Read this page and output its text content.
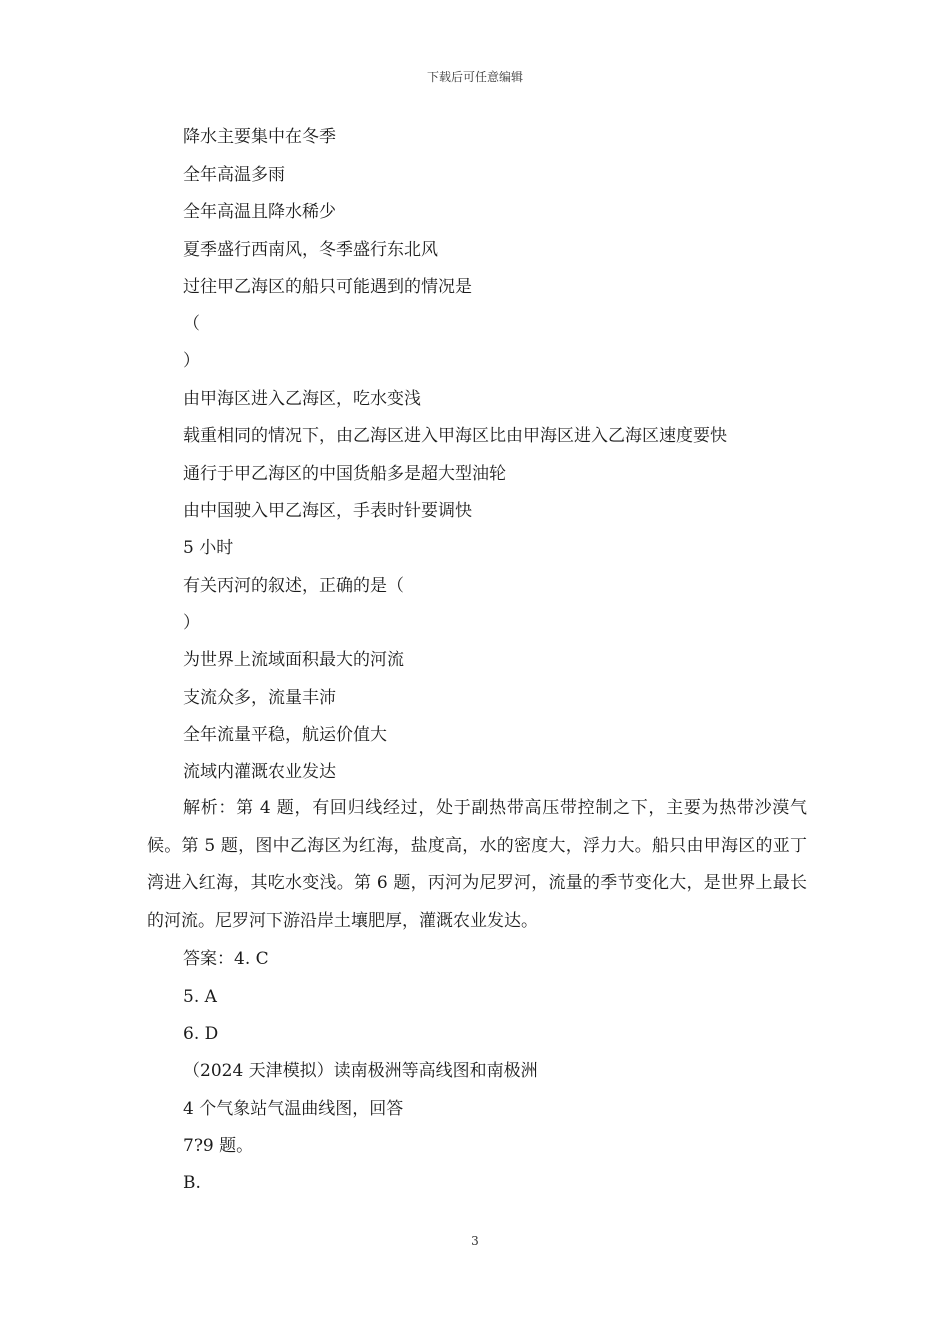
下载后可任意编辑
降水主要集中在冬季
全年高温多雨
全年高温且降水稀少
夏季盛行西南风，冬季盛行东北风
过往甲乙海区的船只可能遇到的情况是
（
）
由甲海区进入乙海区，吃水变浅
载重相同的情况下，由乙海区进入甲海区比由甲海区进入乙海区速度要快
通行于甲乙海区的中国货船多是超大型油轮
由中国驶入甲乙海区，手表时针要调快
5 小时
有关丙河的叙述，正确的是（
）
为世界上流域面积最大的河流
支流众多，流量丰沛
全年流量平稳，航运价值大
流域内灌溉农业发达
解析：第 4 题，有回归线经过，处于副热带高压带控制之下，主要为热带沙漠气候。第 5 题，图中乙海区为红海，盐度高，水的密度大，浮力大。船只由甲海区的亚丁湾进入红海，其吃水变浅。第 6 题，丙河为尼罗河，流量的季节变化大，是世界上最长的河流。尼罗河下游沿岸土壤肥厚，灌溉农业发达。
答案：4. C
5. A
6. D
（2024 天津模拟）读南极洲等高线图和南极洲
4 个气象站气温曲线图，回答
7?9 题。
B.
3
